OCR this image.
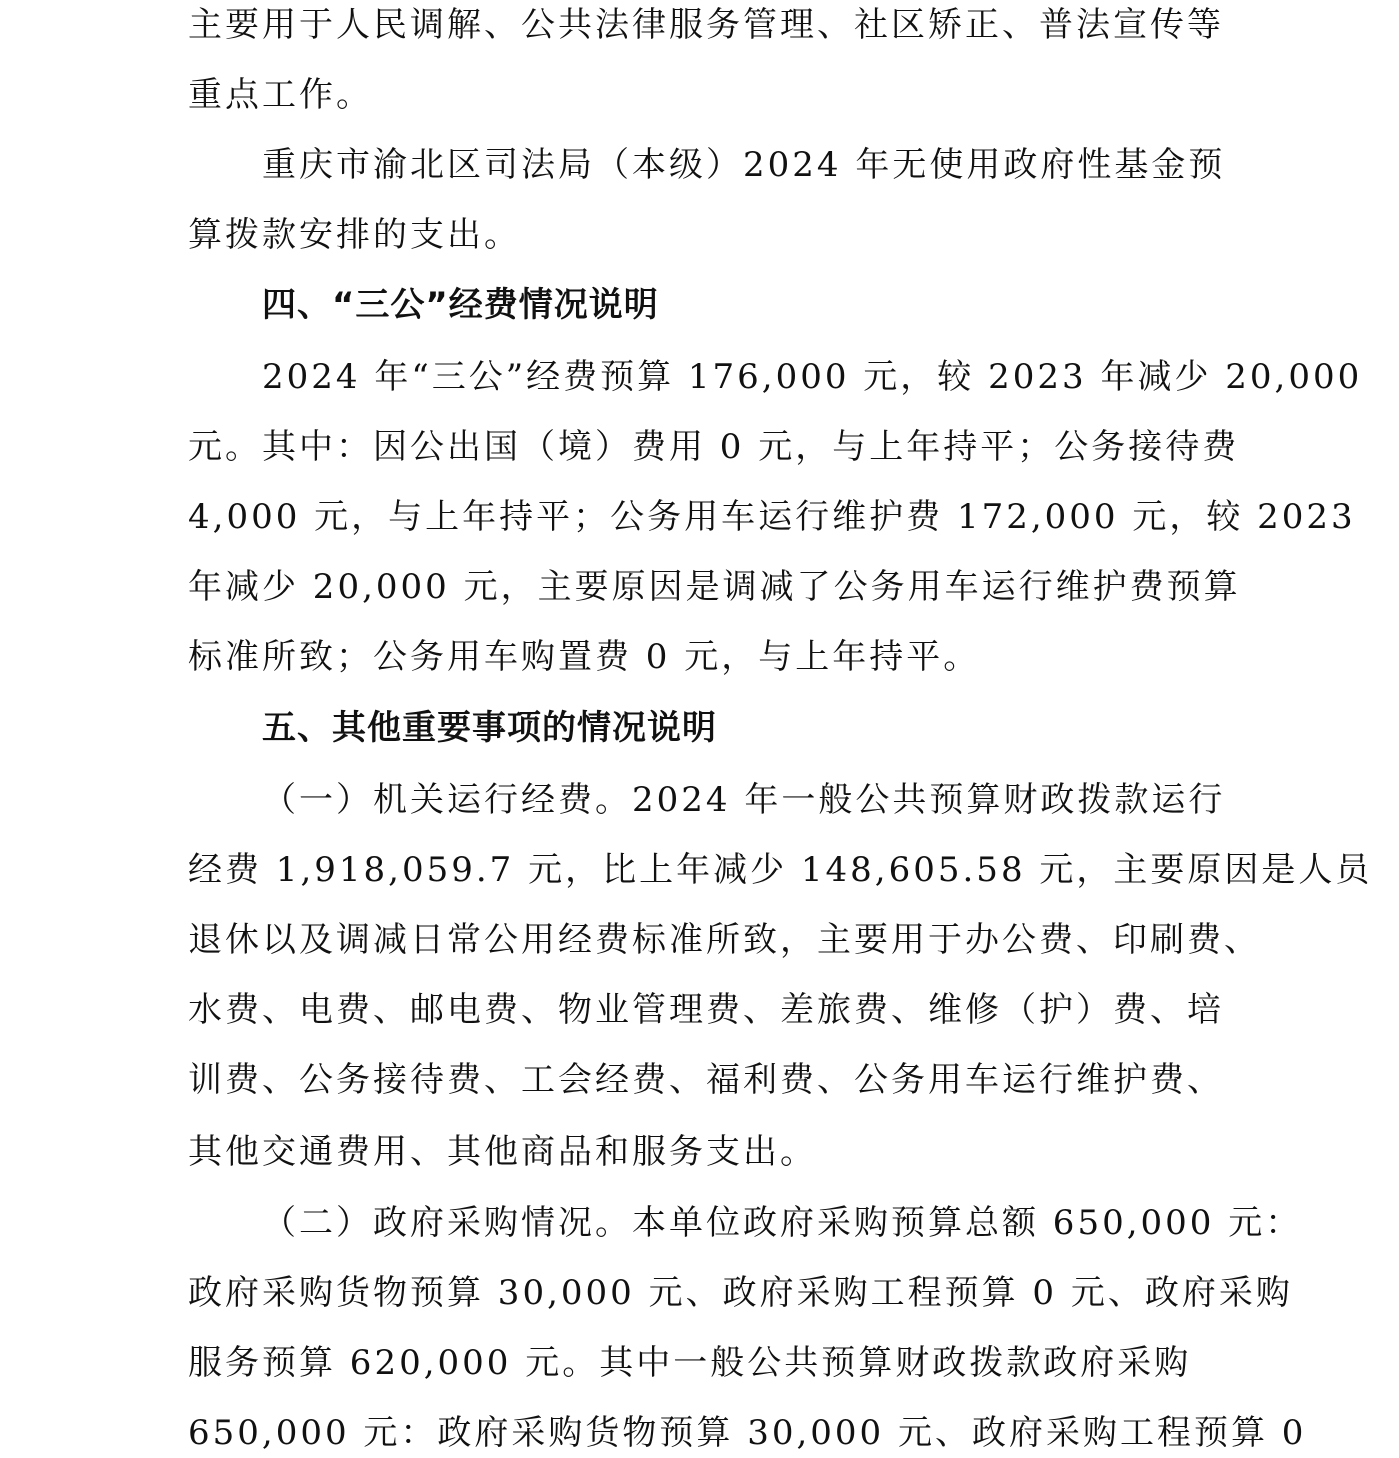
主要用于人民调解、公共法律服务管理、社区矫正、普法宣传等
重点工作。
重庆市渝北区司法局（本级）2024 年无使用政府性基金预
算拨款安排的支出。
四、“三公”经费情况说明
2024 年“三公”经费预算 176,000 元，较 2023 年减少 20,000
元。其中：因公出国（境）费用 0 元，与上年持平；公务接待费
4,000 元，与上年持平；公务用车运行维护费 172,000 元，较 2023
年减少 20,000 元，主要原因是调减了公务用车运行维护费预算
标准所致；公务用车购置费 0 元，与上年持平。
五、其他重要事项的情况说明
（一）机关运行经费。2024 年一般公共预算财政拨款运行
经费 1,918,059.7 元，比上年减少 148,605.58 元，主要原因是人员
退休以及调减日常公用经费标准所致，主要用于办公费、印刷费、
水费、电费、邮电费、物业管理费、差旅费、维修（护）费、培
训费、公务接待费、工会经费、福利费、公务用车运行维护费、
其他交通费用、其他商品和服务支出。
（二）政府采购情况。本单位政府采购预算总额 650,000 元：
政府采购货物预算 30,000 元、政府采购工程预算 0 元、政府采购
服务预算 620,000 元。其中一般公共预算财政拨款政府采购
650,000 元：政府采购货物预算 30,000 元、政府采购工程预算 0
